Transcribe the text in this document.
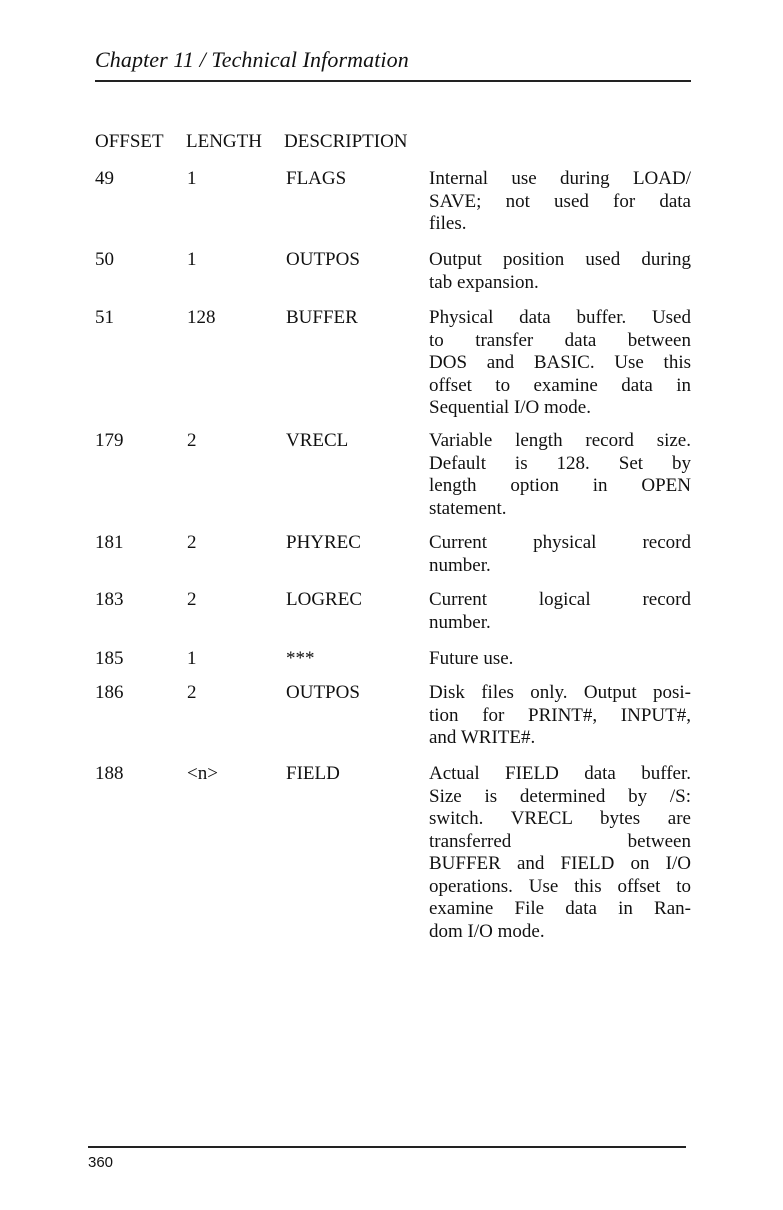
Chapter 11 / Technical Information
OFFSET LENGTH DESCRIPTION
49	1	FLAGS	Internal use during LOAD/
SAVE; not used for data
files.
50	1	OUTPOS	Output position used during
tab expansion.
51	128	BUFFER	Physical data buffer. Used
to transfer data between
DOS and BASIC. Use this
offset to examine data in
Sequential I/O mode.
179	2	VRECL	Variable length record size.
Default is 128. Set by
length option in OPEN
statement.
181	2	PHYREC	Current physical record
number.
183	2	LOGREC	Current logical record
number.
185	1	***	Future use.
186	2	OUTPOS	Disk files only. Output posi-
tion for PRINT#, INPUT#,
and WRITE#.
188	<n>	FIELD	Actual FIELD data buffer.
Size is determined by /S:
switch. VRECL bytes are
transferred between
BUFFER and FIELD on I/O
operations. Use this offset to
examine File data in Ran-
dom I/O mode.
360
